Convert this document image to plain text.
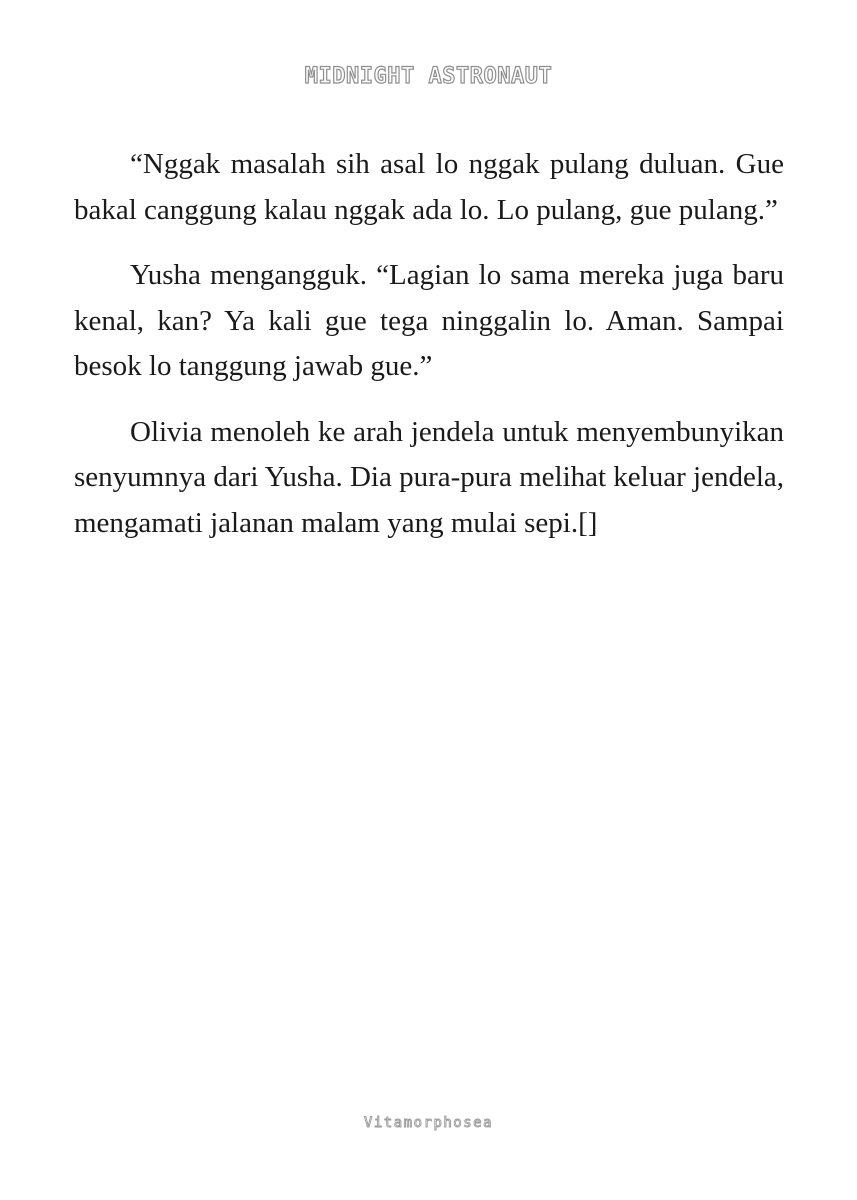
MIDNIGHT ASTRONAUT

“Nggak masalah sih asal lo nggak pulang duluan. Gue bakal canggung kalau nggak ada lo. Lo pulang, gue pulang.”

Yusha mengangguk. “Lagian lo sama mereka juga baru kenal, kan? Ya kali gue tega ninggalin lo. Aman. Sampai besok lo tanggung jawab gue.”

Olivia menoleh ke arah jendela untuk menyembunyikan senyumnya dari Yusha. Dia pura-pura melihat keluar jendela, mengamati jalanan malam yang mulai sepi.[]

Vitamorphosea
